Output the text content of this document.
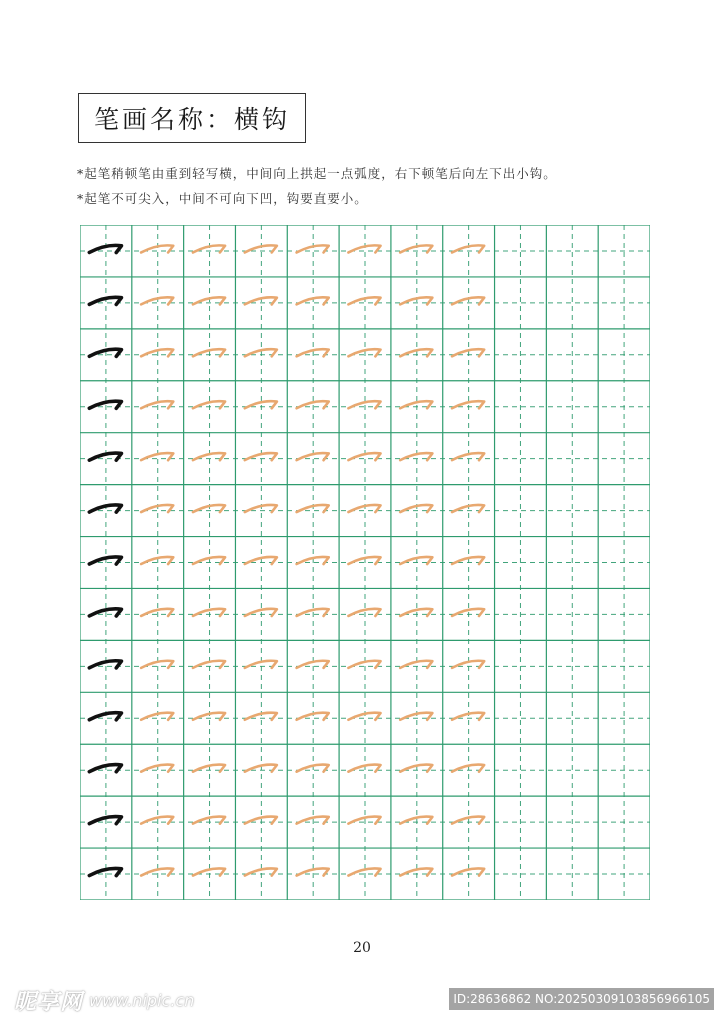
笔画名称：横钩
*起笔稍顿笔由重到轻写横，中间向上拱起一点弧度，右下顿笔后向左下出小钩。
*起笔不可尖入，中间不可向下凹，钩要直要小。
20
昵享网 www.nipic.cn	ID:28636862 NO:20250309103856966105
